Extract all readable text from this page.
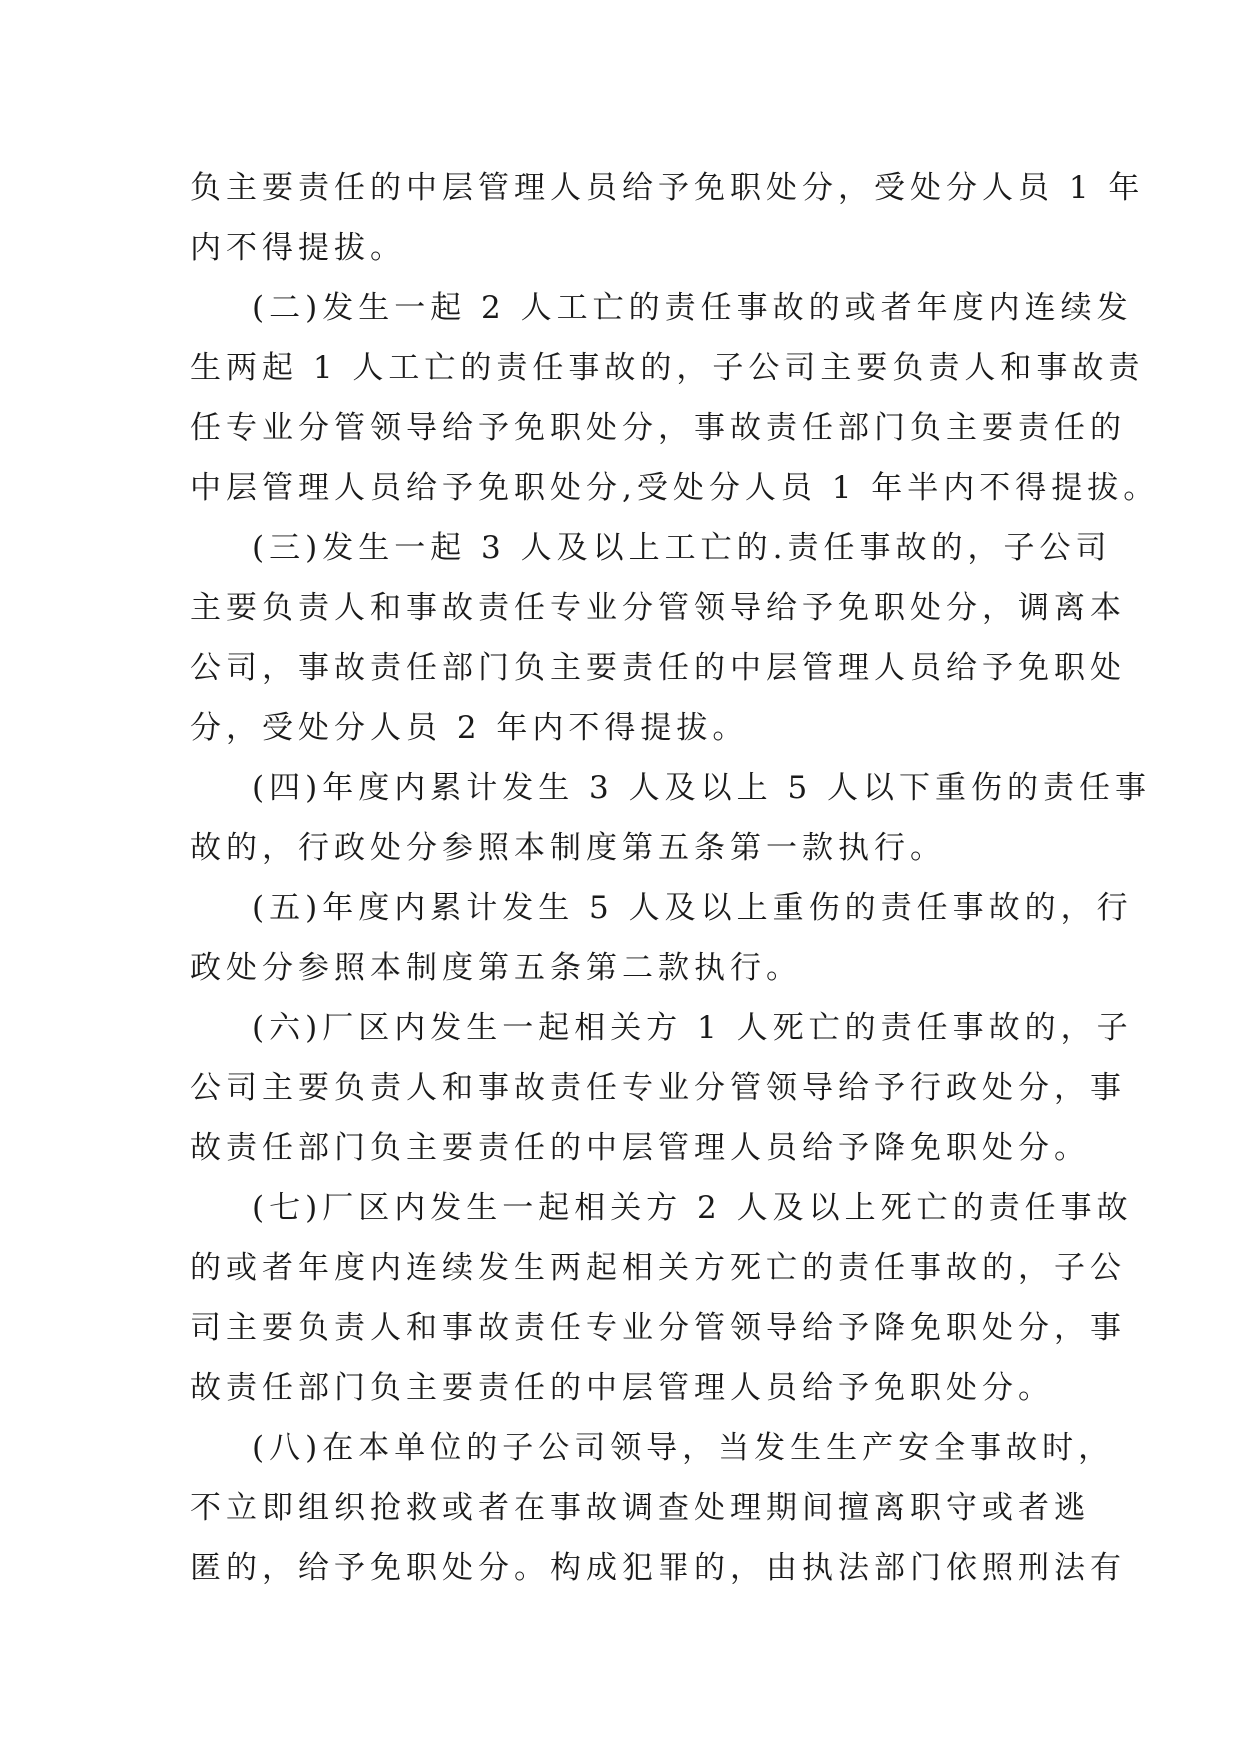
负主要责任的中层管理人员给予免职处分，受处分人员 1 年
内不得提拔。
(二)发生一起 2 人工亡的责任事故的或者年度内连续发
生两起 1 人工亡的责任事故的，子公司主要负责人和事故责
任专业分管领导给予免职处分，事故责任部门负主要责任的
中层管理人员给予免职处分,受处分人员 1 年半内不得提拔。
(三)发生一起 3 人及以上工亡的.责任事故的，子公司
主要负责人和事故责任专业分管领导给予免职处分，调离本
公司，事故责任部门负主要责任的中层管理人员给予免职处
分，受处分人员 2 年内不得提拔。
(四)年度内累计发生 3 人及以上 5 人以下重伤的责任事
故的，行政处分参照本制度第五条第一款执行。
(五)年度内累计发生 5 人及以上重伤的责任事故的，行
政处分参照本制度第五条第二款执行。
(六)厂区内发生一起相关方 1 人死亡的责任事故的，子
公司主要负责人和事故责任专业分管领导给予行政处分，事
故责任部门负主要责任的中层管理人员给予降免职处分。
(七)厂区内发生一起相关方 2 人及以上死亡的责任事故
的或者年度内连续发生两起相关方死亡的责任事故的，子公
司主要负责人和事故责任专业分管领导给予降免职处分，事
故责任部门负主要责任的中层管理人员给予免职处分。
(八)在本单位的子公司领导，当发生生产安全事故时，
不立即组织抢救或者在事故调查处理期间擅离职守或者逃
匿的，给予免职处分。构成犯罪的，由执法部门依照刑法有
